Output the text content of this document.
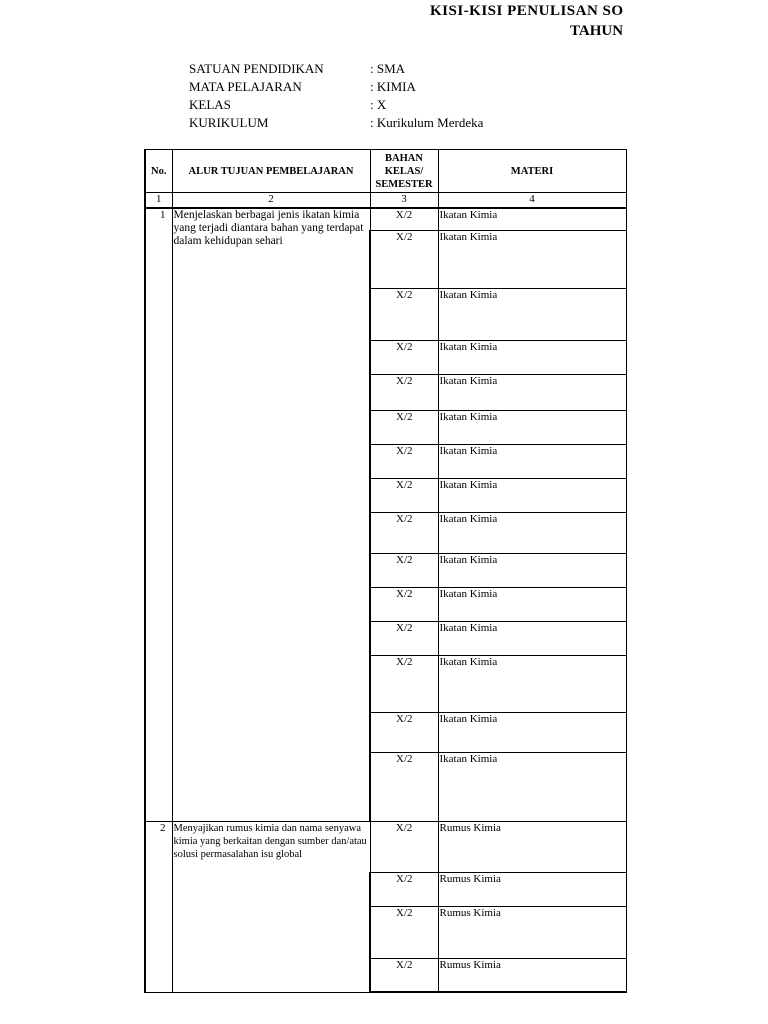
KISI-KISI PENULISAN SO
TAHUN
SATUAN PENDIDIKAN	: SMA
MATA PELAJARAN	: KIMIA
KELAS	: X
KURIKULUM	: Kurikulum Merdeka
No.	ALUR TUJUAN PEMBELAJARAN	BAHAN
KELAS/
SEMESTER	MATERI
1	2	3	4
1	Menjelaskan berbagai jenis ikatan kimia yang terjadi diantara bahan yang terdapat dalam kehidupan sehari	X/2	Ikatan Kimia
		X/2	Ikatan Kimia
		X/2	Ikatan Kimia
		X/2	Ikatan Kimia
		X/2	Ikatan Kimia
		X/2	Ikatan Kimia
		X/2	Ikatan Kimia
		X/2	Ikatan Kimia
		X/2	Ikatan Kimia
		X/2	Ikatan Kimia
		X/2	Ikatan Kimia
		X/2	Ikatan Kimia
		X/2	Ikatan Kimia
		X/2	Ikatan Kimia
		X/2	Ikatan Kimia
2	Menyajikan rumus kimia dan nama senyawa kimia yang berkaitan dengan sumber dan/atau solusi permasalahan isu global	X/2	Rumus Kimia
		X/2	Rumus Kimia
		X/2	Rumus Kimia
		X/2	Rumus Kimia
